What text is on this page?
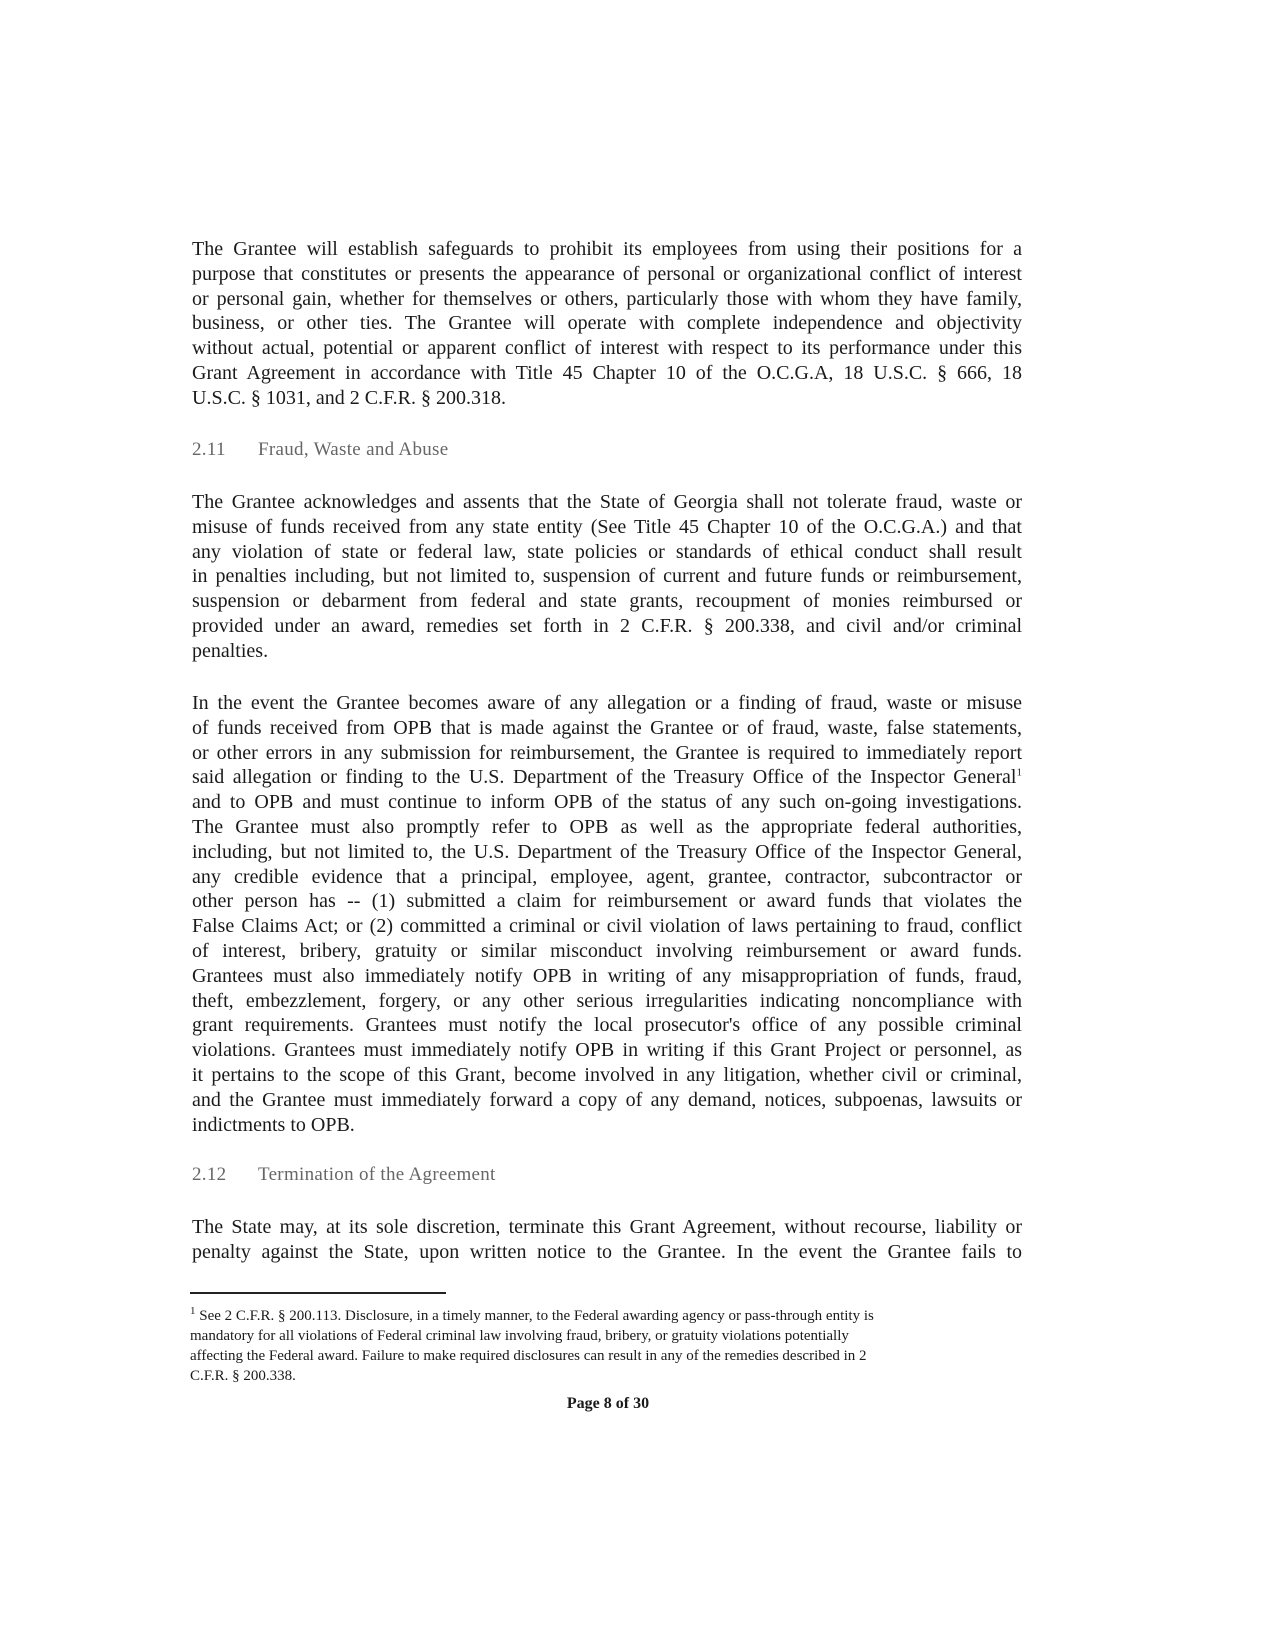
The Grantee will establish safeguards to prohibit its employees from using their positions for a
purpose that constitutes or presents the appearance of personal or organizational conflict of interest
or personal gain, whether for themselves or others, particularly those with whom they have family,
business, or other ties. The Grantee will operate with complete independence and objectivity
without actual, potential or apparent conflict of interest with respect to its performance under this
Grant Agreement in accordance with Title 45 Chapter 10 of the O.C.G.A, 18 U.S.C. § 666, 18
U.S.C. § 1031, and 2 C.F.R. § 200.318.
2.11 Fraud, Waste and Abuse
The Grantee acknowledges and assents that the State of Georgia shall not tolerate fraud, waste or
misuse of funds received from any state entity (See Title 45 Chapter 10 of the O.C.G.A.) and that
any violation of state or federal law, state policies or standards of ethical conduct shall result
in penalties including, but not limited to, suspension of current and future funds or reimbursement,
suspension or debarment from federal and state grants, recoupment of monies reimbursed or
provided under an award, remedies set forth in 2 C.F.R. § 200.338, and civil and/or criminal
penalties.
In the event the Grantee becomes aware of any allegation or a finding of fraud, waste or misuse
of funds received from OPB that is made against the Grantee or of fraud, waste, false statements,
or other errors in any submission for reimbursement, the Grantee is required to immediately report
said allegation or finding to the U.S. Department of the Treasury Office of the Inspector General$^1$
and to OPB and must continue to inform OPB of the status of any such on-going investigations.
The Grantee must also promptly refer to OPB as well as the appropriate federal authorities,
including, but not limited to, the U.S. Department of the Treasury Office of the Inspector General,
any credible evidence that a principal, employee, agent, grantee, contractor, subcontractor or
other person has -- (1) submitted a claim for reimbursement or award funds that violates the
False Claims Act; or (2) committed a criminal or civil violation of laws pertaining to fraud, conflict
of interest, bribery, gratuity or similar misconduct involving reimbursement or award funds.
Grantees must also immediately notify OPB in writing of any misappropriation of funds, fraud,
theft, embezzlement, forgery, or any other serious irregularities indicating noncompliance with
grant requirements. Grantees must notify the local prosecutor's office of any possible criminal
violations. Grantees must immediately notify OPB in writing if this Grant Project or personnel, as
it pertains to the scope of this Grant, become involved in any litigation, whether civil or criminal,
and the Grantee must immediately forward a copy of any demand, notices, subpoenas, lawsuits or
indictments to OPB.
2.12 Termination of the Agreement
The State may, at its sole discretion, terminate this Grant Agreement, without recourse, liability or
penalty against the State, upon written notice to the Grantee. In the event the Grantee fails to
$^1$ See 2 C.F.R. § 200.113. Disclosure, in a timely manner, to the Federal awarding agency or pass-through entity is
mandatory for all violations of Federal criminal law involving fraud, bribery, or gratuity violations potentially
affecting the Federal award. Failure to make required disclosures can result in any of the remedies described in 2
C.F.R. § 200.338.
Page 8 of 30
